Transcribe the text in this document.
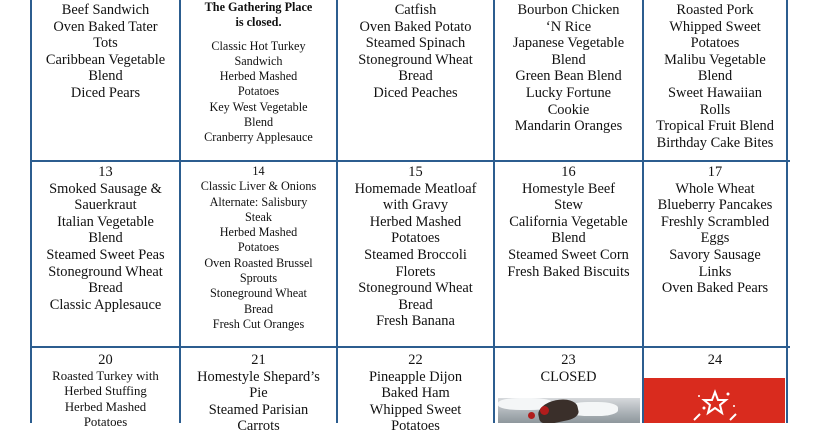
Beef Sandwich
Oven Baked Tater
Tots
Caribbean Vegetable
Blend
Diced Pears
The Gathering Place
is closed.
Classic Hot Turkey
Sandwich
Herbed Mashed
Potatoes
Key West Vegetable
Blend
Cranberry Applesauce
Catfish
Oven Baked Potato
Steamed Spinach
Stoneground Wheat
Bread
Diced Peaches
Bourbon Chicken
‘N Rice
Japanese Vegetable
Blend
Green Bean Blend
Lucky Fortune
Cookie
Mandarin Oranges
Roasted Pork
Whipped Sweet
Potatoes
Malibu Vegetable
Blend
Sweet Hawaiian
Rolls
Tropical Fruit Blend
Birthday Cake Bites
13
Smoked Sausage &
Sauerkraut
Italian Vegetable
Blend
Steamed Sweet Peas
Stoneground Wheat
Bread
Classic Applesauce
14
Classic Liver & Onions
Alternate: Salisbury
Steak
Herbed Mashed
Potatoes
Oven Roasted Brussel
Sprouts
Stoneground Wheat
Bread
Fresh Cut Oranges
15
Homemade Meatloaf
with Gravy
Herbed Mashed
Potatoes
Steamed Broccoli
Florets
Stoneground Wheat
Bread
Fresh Banana
16
Homestyle Beef
Stew
California Vegetable
Blend
Steamed Sweet Corn
Fresh Baked Biscuits
17
Whole Wheat
Blueberry Pancakes
Freshly Scrambled
Eggs
Savory Sausage
Links
Oven Baked Pears
20
Roasted Turkey with
Herbed Stuffing
Herbed Mashed
Potatoes
21
Homestyle Shepard’s
Pie
Steamed Parisian
Carrots
22
Pineapple Dijon
Baked Ham
Whipped Sweet
Potatoes
23
CLOSED
24
